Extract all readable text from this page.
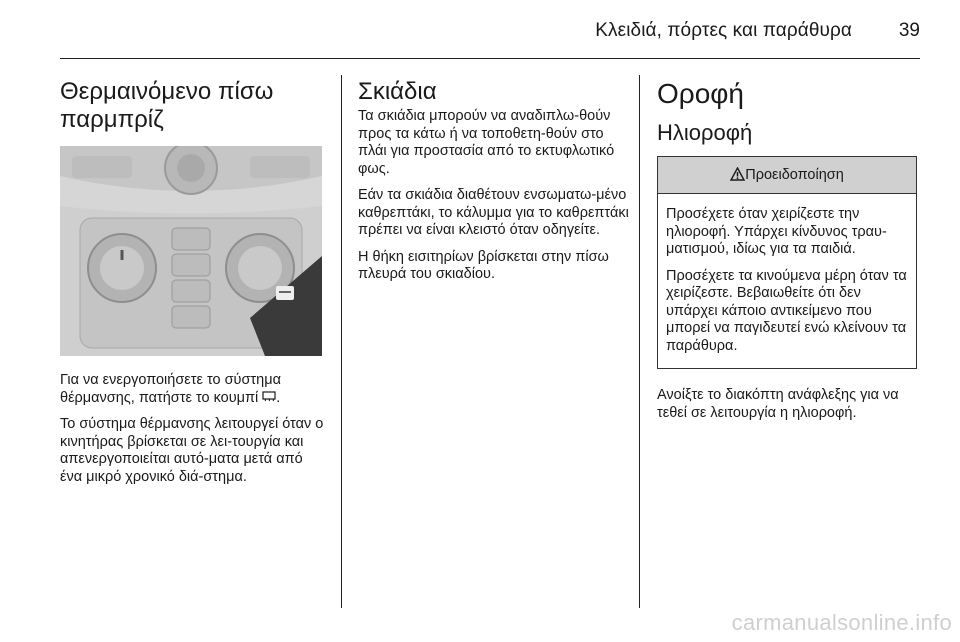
Κλειδιά, πόρτες και παράθυρα 39
Θερμαινόμενο πίσω παρμπρίζ

Για να ενεργοποιήσετε το σύστημα θέρμανσης, πατήστε το κουμπί .

Το σύστημα θέρμανσης λειτουργεί όταν ο κινητήρας βρίσκεται σε λει-τουργία και απενεργοποιείται αυτό-ματα μετά από ένα μικρό χρονικό διά-στημα.

Σκιάδια

Τα σκιάδια μπορούν να αναδιπλω-θούν προς τα κάτω ή να τοποθετη-θούν στο πλάι για προστασία από το εκτυφλωτικό φως.

Εάν τα σκιάδια διαθέτουν ενσωματω-μένο καθρεπτάκι, το κάλυμμα για το καθρεπτάκι πρέπει να είναι κλειστό όταν οδηγείτε.

Η θήκη εισιτηρίων βρίσκεται στην πίσω πλευρά του σκιαδίου.

Οροφή
Ηλιοροφή
Προειδοποίηση

Προσέχετε όταν χειρίζεστε την ηλιοροφή. Υπάρχει κίνδυνος τραυ-ματισμού, ιδίως για τα παιδιά.

Προσέχετε τα κινούμενα μέρη όταν τα χειρίζεστε. Βεβαιωθείτε ότι δεν υπάρχει κάποιο αντικείμενο που μπορεί να παγιδευτεί ενώ κλείνουν τα παράθυρα.

Ανοίξτε το διακόπτη ανάφλεξης για να τεθεί σε λειτουργία η ηλιοροφή.

carmanualsonline.info
